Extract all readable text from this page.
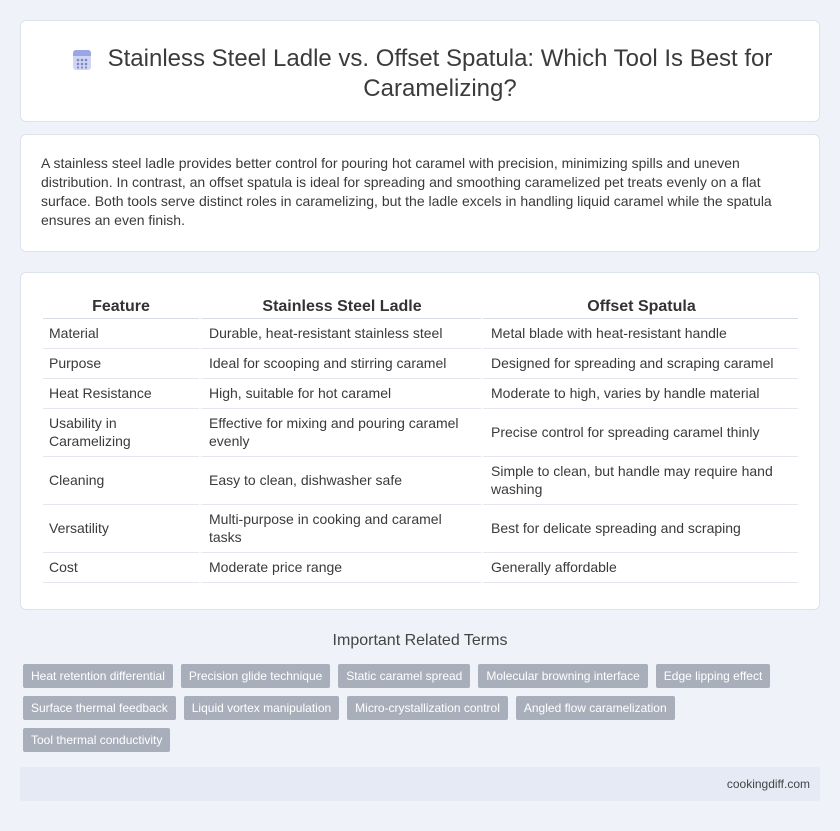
Stainless Steel Ladle vs. Offset Spatula: Which Tool Is Best for Caramelizing?

A stainless steel ladle provides better control for pouring hot caramel with precision, minimizing spills and uneven distribution. In contrast, an offset spatula is ideal for spreading and smoothing caramelized pet treats evenly on a flat surface. Both tools serve distinct roles in caramelizing, but the ladle excels in handling liquid caramel while the spatula ensures an even finish.

Feature	Stainless Steel Ladle	Offset Spatula
Material	Durable, heat-resistant stainless steel	Metal blade with heat-resistant handle
Purpose	Ideal for scooping and stirring caramel	Designed for spreading and scraping caramel
Heat Resistance	High, suitable for hot caramel	Moderate to high, varies by handle material
Usability in Caramelizing	Effective for mixing and pouring caramel evenly	Precise control for spreading caramel thinly
Cleaning	Easy to clean, dishwasher safe	Simple to clean, but handle may require hand washing
Versatility	Multi-purpose in cooking and caramel tasks	Best for delicate spreading and scraping
Cost	Moderate price range	Generally affordable
Important Related Terms
Heat retention differential	Precision glide technique	Static caramel spread	Molecular browning interface	Edge lipping effect
Surface thermal feedback	Liquid vortex manipulation	Micro-crystallization control	Angled flow caramelization
Tool thermal conductivity
cookingdiff.com
